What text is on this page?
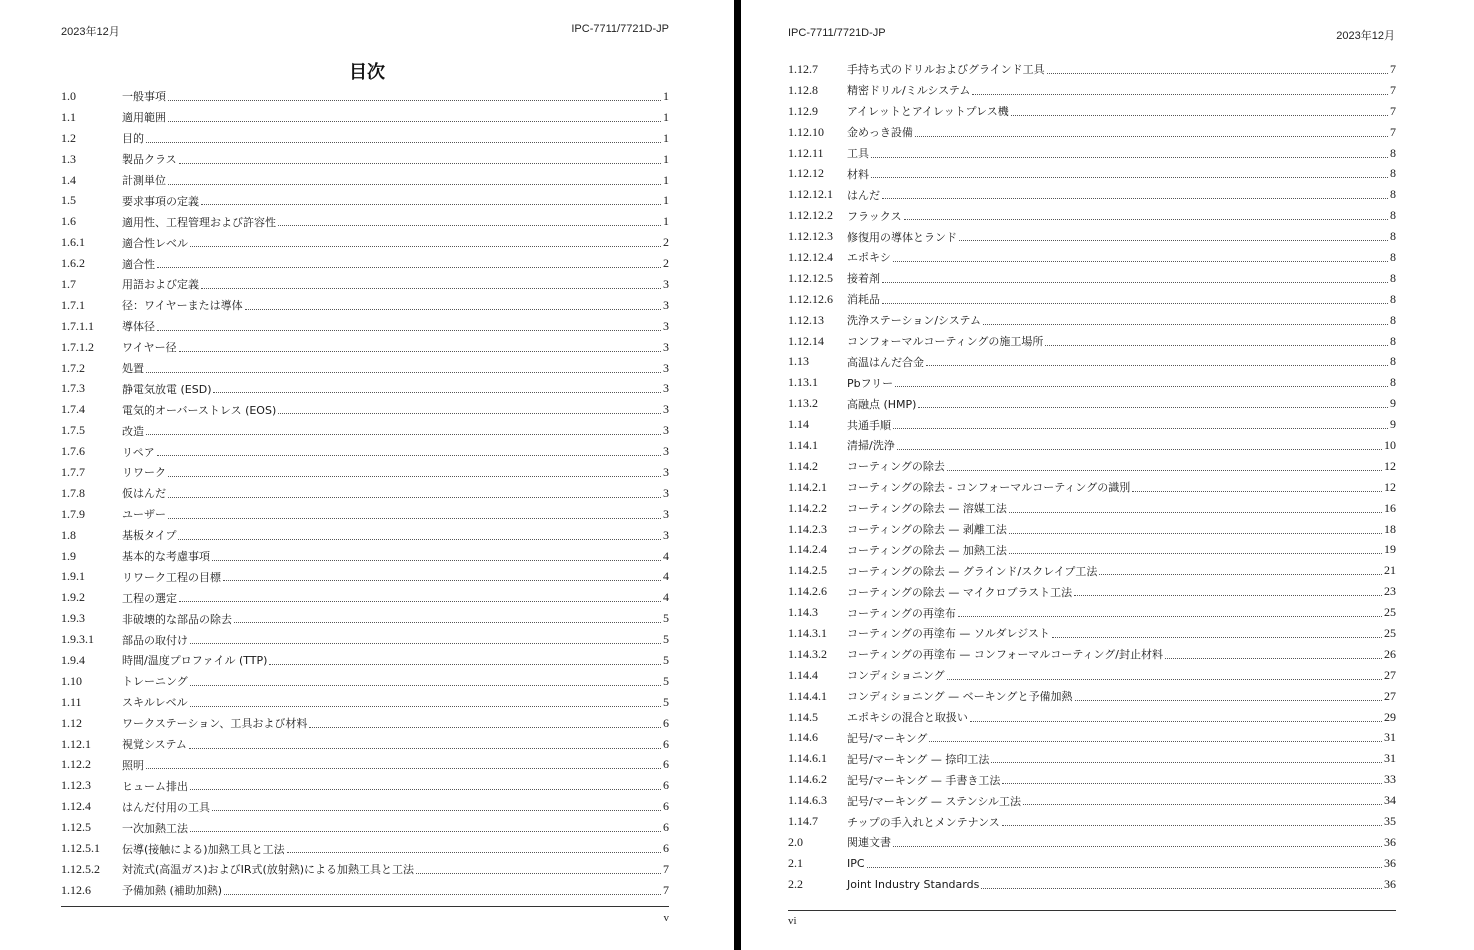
2023年12月	IPC-7711/7721D-JP
目次
1.0	一般事項	1
1.1	適用範囲	1
1.2	目的	1
1.3	製品クラス	1
1.4	計測単位	1
1.5	要求事項の定義	1
1.6	適用性、工程管理および許容性	1
1.6.1	適合性レベル	2
1.6.2	適合性	2
1.7	用語および定義	3
1.7.1	径：ワイヤーまたは導体	3
1.7.1.1	導体径	3
1.7.1.2	ワイヤー径	3
1.7.2	処置	3
1.7.3	静電気放電 (ESD)	3
1.7.4	電気的オーバーストレス (EOS)	3
1.7.5	改造	3
1.7.6	リペア	3
1.7.7	リワーク	3
1.7.8	仮はんだ	3
1.7.9	ユーザー	3
1.8	基板タイプ	3
1.9	基本的な考慮事項	4
1.9.1	リワーク工程の目標	4
1.9.2	工程の選定	4
1.9.3	非破壊的な部品の除去	5
1.9.3.1	部品の取付け	5
1.9.4	時間/温度プロファイル (TTP)	5
1.10	トレーニング	5
1.11	スキルレベル	5
1.12	ワークステーション、工具および材料	6
1.12.1	視覚システム	6
1.12.2	照明	6
1.12.3	ヒューム排出	6
1.12.4	はんだ付用の工具	6
1.12.5	一次加熱工法	6
1.12.5.1	伝導(接触による)加熱工具と工法	6
1.12.5.2	対流式(高温ガス)およびIR式(放射熱)による加熱工具と工法	7
1.12.6	予備加熱 (補助加熱)	7
v
IPC-7711/7721D-JP	2023年12月
1.12.7	手持ち式のドリルおよびグラインド工具	7
1.12.8	精密ドリル/ミルシステム	7
1.12.9	アイレットとアイレットプレス機	7
1.12.10	金めっき設備	7
1.12.11	工具	8
1.12.12	材料	8
1.12.12.1	はんだ	8
1.12.12.2	フラックス	8
1.12.12.3	修復用の導体とランド	8
1.12.12.4	エポキシ	8
1.12.12.5	接着剤	8
1.12.12.6	消耗品	8
1.12.13	洗浄ステーション/システム	8
1.12.14	コンフォーマルコーティングの施工場所	8
1.13	高温はんだ合金	8
1.13.1	Pbフリー	8
1.13.2	高融点 (HMP)	9
1.14	共通手順	9
1.14.1	清掃/洗浄	10
1.14.2	コーティングの除去	12
1.14.2.1	コーティングの除去 - コンフォーマルコーティングの識別	12
1.14.2.2	コーティングの除去 — 溶媒工法	16
1.14.2.3	コーティングの除去 — 剥離工法	18
1.14.2.4	コーティングの除去 — 加熱工法	19
1.14.2.5	コーティングの除去 — グラインド/スクレイプ工法	21
1.14.2.6	コーティングの除去 — マイクロブラスト工法	23
1.14.3	コーティングの再塗布	25
1.14.3.1	コーティングの再塗布 — ソルダレジスト	25
1.14.3.2	コーティングの再塗布 — コンフォーマルコーティング/封止材料	26
1.14.4	コンディショニング	27
1.14.4.1	コンディショニング — ベーキングと予備加熱	27
1.14.5	エポキシの混合と取扱い	29
1.14.6	記号/マーキング	31
1.14.6.1	記号/マーキング — 捺印工法	31
1.14.6.2	記号/マーキング — 手書き工法	33
1.14.6.3	記号/マーキング — ステンシル工法	34
1.14.7	チップの手入れとメンテナンス	35
2.0	関連文書	36
2.1	IPC	36
2.2	Joint Industry Standards	36
vi
